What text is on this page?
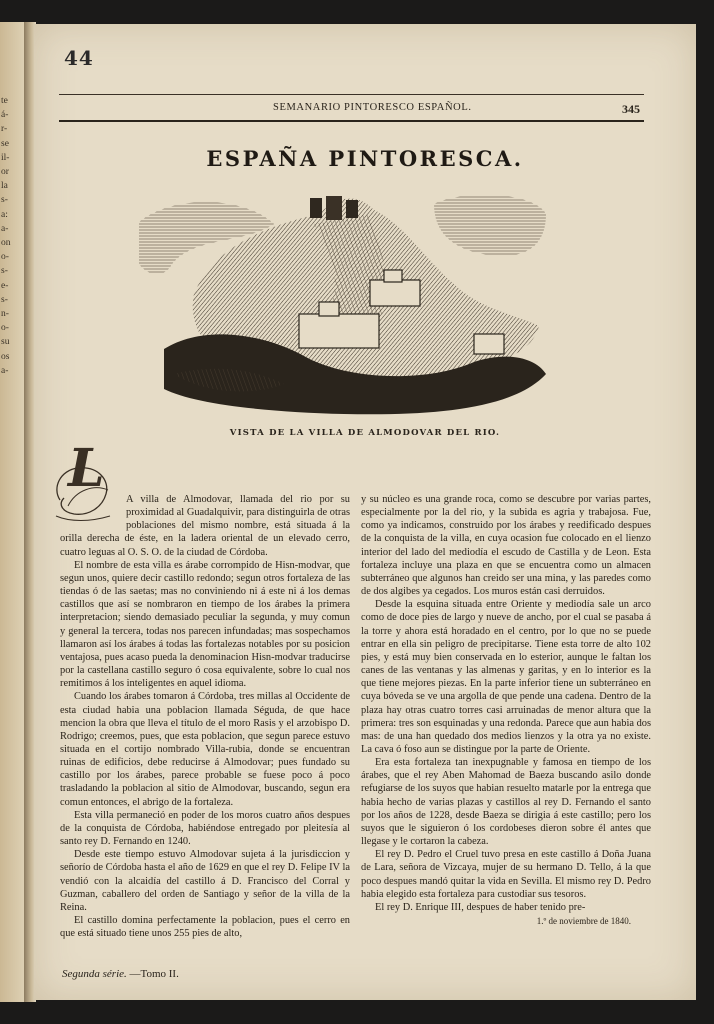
te
á-
r-
se
il-
or
la
s-
a:
a-
on
o-
s-
e-
s-
n-
o-
su
os
a-
44
SEMANARIO PINTORESCO ESPAÑOL.	345
ESPAÑA PINTORESCA.
VISTA DE LA VILLA DE ALMODOVAR DEL RIO.
L

A villa de Almodovar, llamada del rio por su proximidad al Guadalquivir, para distinguirla de otras poblaciones del mismo nombre, está situada á la orilla derecha de éste, en la ladera oriental de un elevado cerro, cuatro leguas al O. S. O. de la ciudad de Córdoba.

El nombre de esta villa es árabe corrompido de Hisn-modvar, que segun unos, quiere decir castillo redondo; segun otros fortaleza de las tiendas ó de las saetas; mas no conviniendo ni á este ni á los demas castillos que así se nombraron en tiempo de los árabes la primera interpretacion; siendo demasiado peculiar la segunda, y muy comun y general la tercera, todas nos parecen infundadas; mas sospechamos llamaron así los árabes á todas las fortalezas notables por su posicion ventajosa, pues acaso pueda la denominacion Hisn-modvar traducirse por la castellana castillo seguro ó cosa equivalente, sobre lo cual nos remitimos á los inteligentes en aquel idioma.

Cuando los árabes tomaron á Córdoba, tres millas al Occidente de esta ciudad habia una poblacion llamada Séguda, de que hace mencion la obra que lleva el título de el moro Rasis y el arzobispo D. Rodrigo; creemos, pues, que esta poblacion, que segun parece estuvo situada en el cortijo nombrado Villa-rubia, donde se encuentran ruinas de edificios, debe reducirse á Almodovar; pues fundado su castillo por los árabes, parece probable se fuese poco á poco trasladando la poblacion al sitio de Almodovar, buscando, segun era comun entonces, el abrigo de la fortaleza.

Esta villa permaneció en poder de los moros cuatro años despues de la conquista de Córdoba, habiéndose entregado por pleitesía al santo rey D. Fernando en 1240.

Desde este tiempo estuvo Almodovar sujeta á la jurisdiccion y señorío de Córdoba hasta el año de 1629 en que el rey D. Felipe IV la vendió con la alcaidía del castillo á D. Francisco del Corral y Guzman, caballero del orden de Santiago y señor de la villa de la Reina.

El castillo domina perfectamente la poblacion, pues el cerro en que está situado tiene unos 255 pies de alto,

y su núcleo es una grande roca, como se descubre por varias partes, especialmente por la del rio, y la subida es agria y trabajosa. Fue, como ya indicamos, construido por los árabes y reedificado despues de la conquista de la villa, en cuya ocasion fue colocado en el lienzo interior del lado del mediodía el escudo de Castilla y de Leon. Esta fortaleza incluye una plaza en que se encuentra como un almacen subterráneo que algunos han creido ser una mina, y las paredes como de dos algibes ya cegados. Los muros están casi derruidos.

Desde la esquina situada entre Oriente y mediodía sale un arco como de doce pies de largo y nueve de ancho, por el cual se pasaba á la torre y ahora está horadado en el centro, por lo que no se puede entrar en ella sin peligro de precipitarse. Tiene esta torre de alto 102 pies, y está muy bien conservada en lo esterior, aunque le faltan los canes de las ventanas y las almenas y garitas, y en lo interior es la que tiene mejores piezas. En la parte inferior tiene un subterráneo en cuya bóveda se ve una argolla de que pende una cadena. Dentro de la plaza hay otras cuatro torres casi arruinadas de menor altura que la primera: tres son esquinadas y una redonda. Parece que aun habia dos mas: de una han quedado dos medios lienzos y la otra ya no existe. La cava ó foso aun se distingue por la parte de Oriente.

Era esta fortaleza tan inexpugnable y famosa en tiempo de los árabes, que el rey Aben Mahomad de Baeza buscando asilo donde refugiarse de los suyos que habian resuelto matarle por la entrega que habia hecho de varias plazas y castillos al rey D. Fernando el santo por los años de 1228, desde Baeza se dirigia á este castillo; pero los suyos que le siguieron ó los cordobeses dieron sobre él antes que llegase y le cortaron la cabeza.

El rey D. Pedro el Cruel tuvo presa en este castillo á Doña Juana de Lara, señora de Vizcaya, mujer de su hermano D. Tello, á la que poco despues mandó quitar la vida en Sevilla. El mismo rey D. Pedro habia elegido esta fortaleza para custodiar sus tesoros.

El rey D. Enrique III, despues de haber tenido pre-

1.º de noviembre de 1840.
Segunda série. —Tomo II.
